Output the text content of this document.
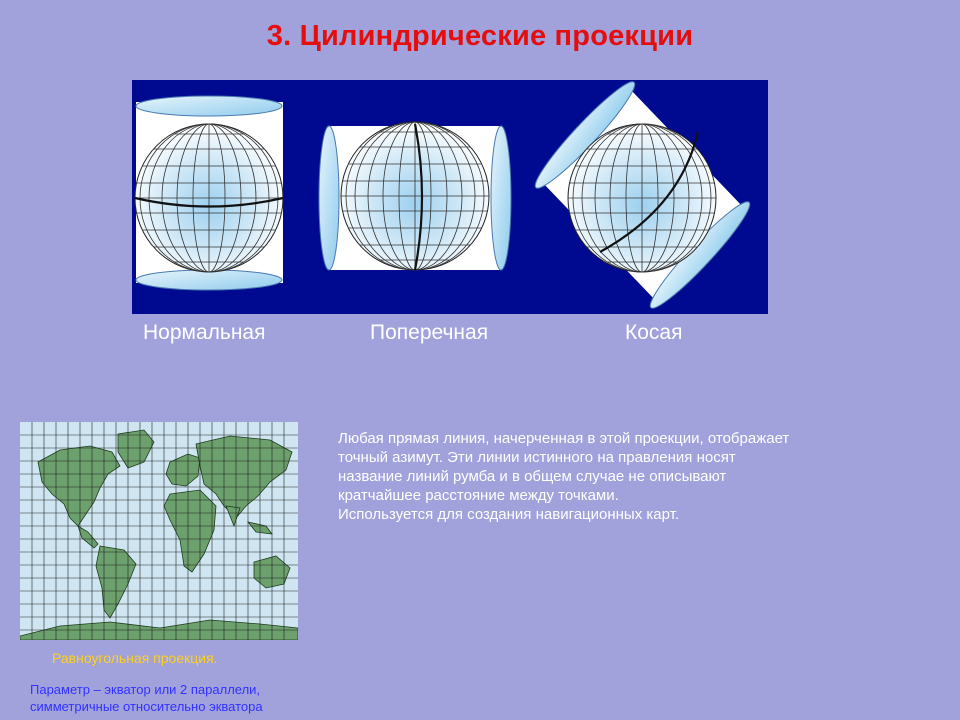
3. Цилиндрические проекции
Нормальная	Поперечная	Косая
Равноугольная проекция.
Параметр – экватор или 2 параллели, симметричные относительно экватора

Любая прямая линия, начерченная в этой проекции, отображает точный азимут. Эти линии истинного на правления носят название линий румба и в общем случае не описывают кратчайшее расстояние между точками.

Используется для создания навигационных карт.
